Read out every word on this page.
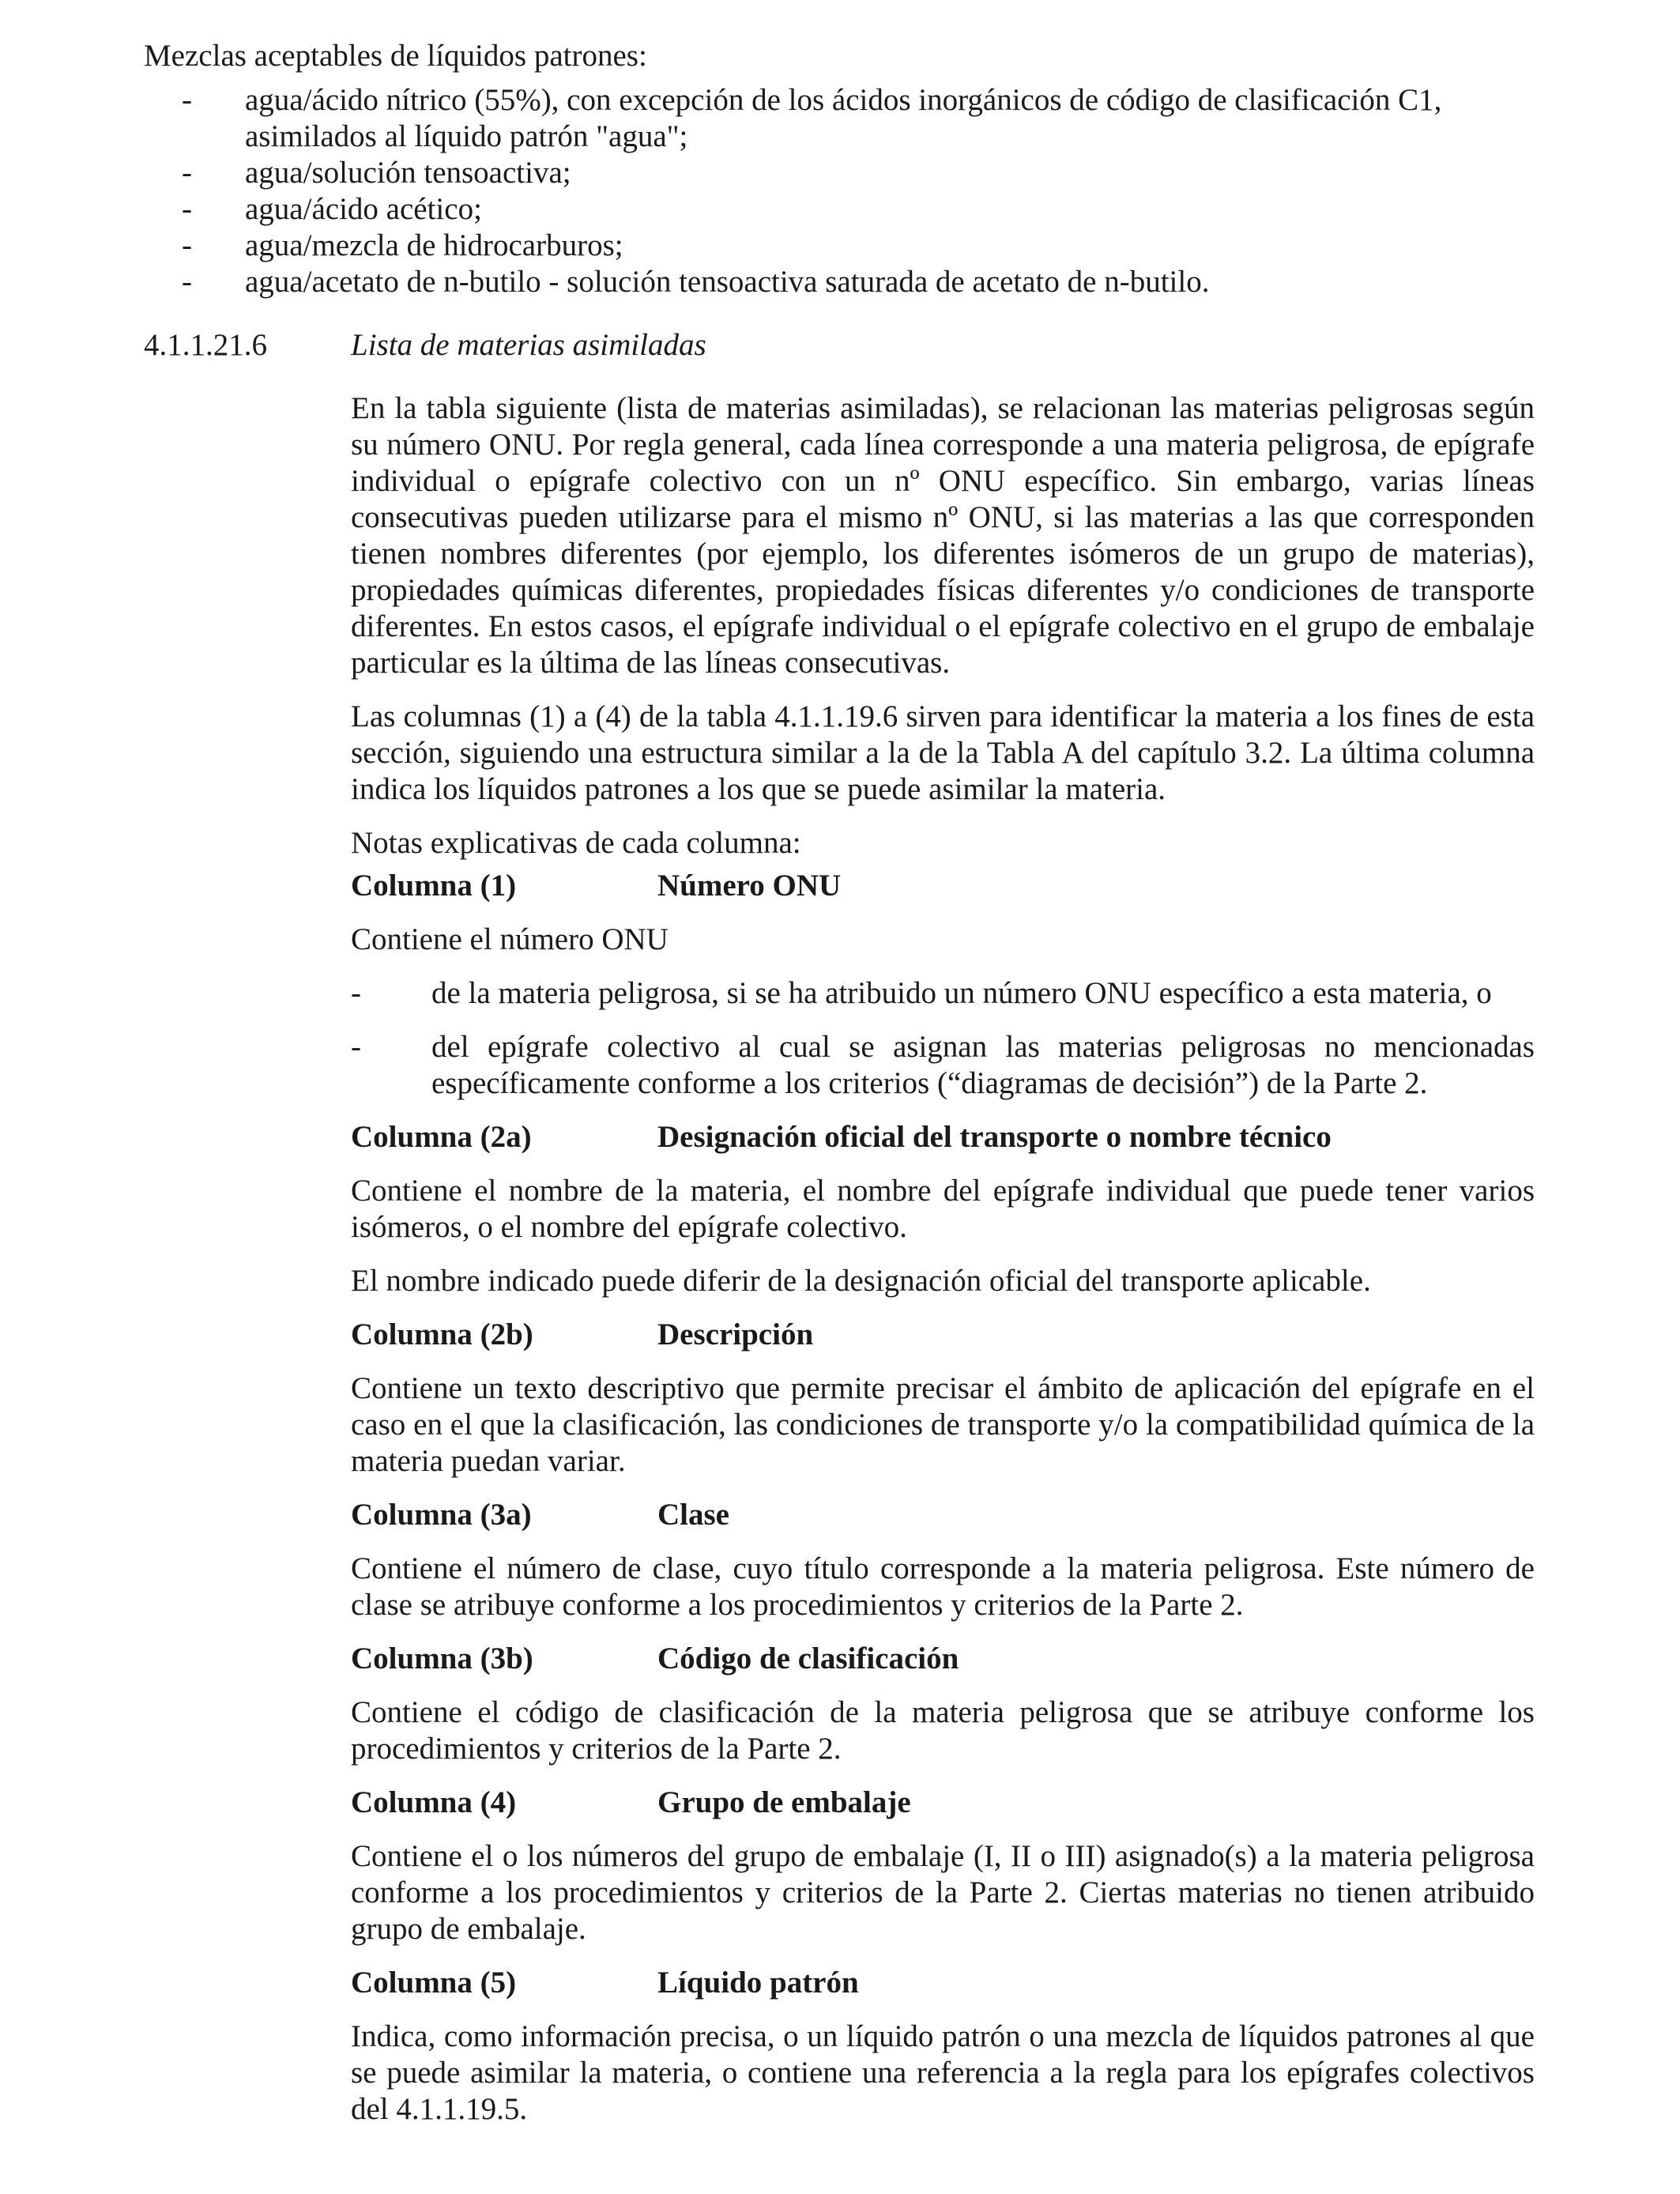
Mezclas aceptables de líquidos patrones:

- agua/ácido nítrico (55%), con excepción de los ácidos inorgánicos de código de clasificación C1, asimilados al líquido patrón "agua";
- agua/solución tensoactiva;
- agua/ácido acético;
- agua/mezcla de hidrocarburos;
- agua/acetato de n-butilo - solución tensoactiva saturada de acetato de n-butilo.
4.1.1.21.6	Lista de materias asimiladas

En la tabla siguiente (lista de materias asimiladas), se relacionan las materias peligrosas según su número ONU. Por regla general, cada línea corresponde a una materia peligrosa, de epígrafe individual o epígrafe colectivo con un nº ONU específico. Sin embargo, varias líneas consecutivas pueden utilizarse para el mismo nº ONU, si las materias a las que corresponden tienen nombres diferentes (por ejemplo, los diferentes isómeros de un grupo de materias), propiedades químicas diferentes, propiedades físicas diferentes y/o condiciones de transporte diferentes. En estos casos, el epígrafe individual o el epígrafe colectivo en el grupo de embalaje particular es la última de las líneas consecutivas.

Las columnas (1) a (4) de la tabla 4.1.1.19.6 sirven para identificar la materia a los fines de esta sección, siguiendo una estructura similar a la de la Tabla A del capítulo 3.2. La última columna indica los líquidos patrones a los que se puede asimilar la materia.

Notas explicativas de cada columna:

Columna (1)	Número ONU

Contiene el número ONU

- de la materia peligrosa, si se ha atribuido un número ONU específico a esta materia, o
- del epígrafe colectivo al cual se asignan las materias peligrosas no mencionadas específicamente conforme a los criterios (“diagramas de decisión”) de la Parte 2.
Columna (2a)	Designación oficial del transporte o nombre técnico

Contiene el nombre de la materia, el nombre del epígrafe individual que puede tener varios isómeros, o el nombre del epígrafe colectivo.

El nombre indicado puede diferir de la designación oficial del transporte aplicable.

Columna (2b)	Descripción

Contiene un texto descriptivo que permite precisar el ámbito de aplicación del epígrafe en el caso en el que la clasificación, las condiciones de transporte y/o la compatibilidad química de la materia puedan variar.

Columna (3a)	Clase

Contiene el número de clase, cuyo título corresponde a la materia peligrosa. Este número de clase se atribuye conforme a los procedimientos y criterios de la Parte 2.

Columna (3b)	Código de clasificación

Contiene el código de clasificación de la materia peligrosa que se atribuye conforme los procedimientos y criterios de la Parte 2.

Columna (4)	Grupo de embalaje

Contiene el o los números del grupo de embalaje (I, II o III) asignado(s) a la materia peligrosa conforme a los procedimientos y criterios de la Parte 2. Ciertas materias no tienen atribuido grupo de embalaje.

Columna (5)	Líquido patrón

Indica, como información precisa, o un líquido patrón o una mezcla de líquidos patrones al que se puede asimilar la materia, o contiene una referencia a la regla para los epígrafes colectivos del 4.1.1.19.5.
